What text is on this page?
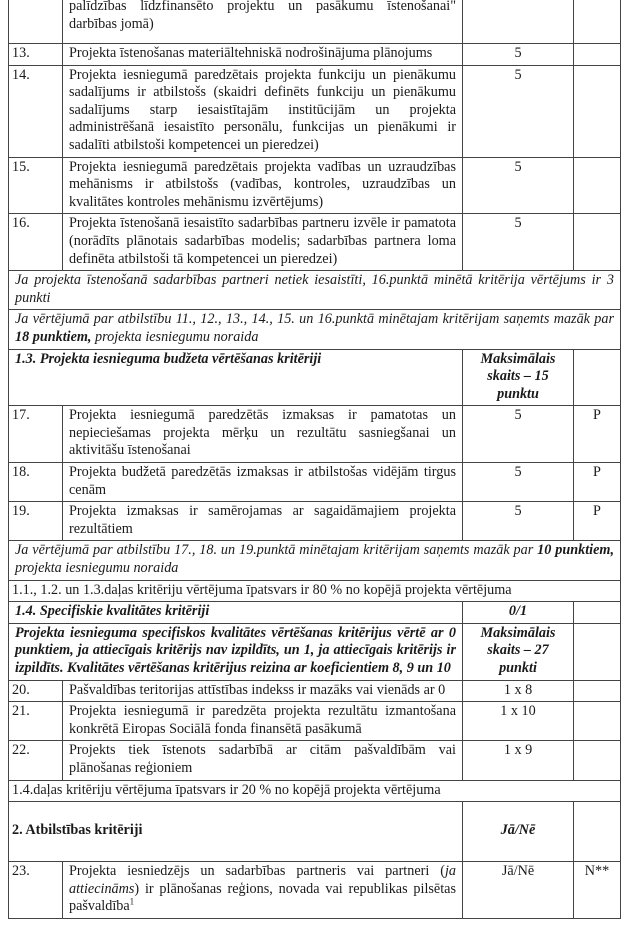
	palīdzības līdzfinansēto projektu un pasākumu īstenošanai" darbības jomā)		
13.	Projekta īstenošanas materiāltehniskā nodrošinājuma plānojums	5	
14.	Projekta iesniegumā paredzētais projekta funkciju un pienākumu sadalījums ir atbilstošs (skaidri definēts funkciju un pienākumu sadalījums starp iesaistītajām institūcijām un projekta administrēšanā iesaistīto personālu, funkcijas un pienākumi ir sadalīti atbilstoši kompetencei un pieredzei)	5	
15.	Projekta iesniegumā paredzētais projekta vadības un uzraudzības mehānisms ir atbilstošs (vadības, kontroles, uzraudzības un kvalitātes kontroles mehānismu izvērtējums)	5	
16.	Projekta īstenošanā iesaistīto sadarbības partneru izvēle ir pamatota (norādīts plānotais sadarbības modelis; sadarbības partnera loma definēta atbilstoši tā kompetencei un pieredzei)	5	
Ja projekta īstenošanā sadarbības partneri netiek iesaistīti, 16.punktā minētā kritērija vērtējums ir 3 punkti			
Ja vērtējumā par atbilstību 11., 12., 13., 14., 15. un 16.punktā minētajam kritērijam saņemts mazāk par 18 punktiem, projekta iesniegumu noraida			
1.3. Projekta iesnieguma budžeta vērtēšanas kritēriji		Maksimālais skaits – 15 punktu	
17.	Projekta iesniegumā paredzētās izmaksas ir pamatotas un nepieciešamas projekta mērķu un rezultātu sasniegšanai un aktivitāšu īstenošanai	5	P
18.	Projekta budžetā paredzētās izmaksas ir atbilstošas vidējām tirgus cenām	5	P
19.	Projekta izmaksas ir samērojamas ar sagaidāmajiem projekta rezultātiem	5	P
Ja vērtējumā par atbilstību 17., 18. un 19.punktā minētajam kritērijam saņemts mazāk par 10 punktiem, projekta iesniegumu noraida			
1.1., 1.2. un 1.3.daļas kritēriju vērtējuma īpatsvars ir 80 % no kopējā projekta vērtējuma			
1.4. Specifiskie kvalitātes kritēriji		0/1	
Projekta iesnieguma specifiskos kvalitātes vērtēšanas kritērijus vērtē ar 0 punktiem, ja attiecīgais kritērijs nav izpildīts, un 1, ja attiecīgais kritērijs ir izpildīts. Kvalitātes vērtēšanas kritērijus reizina ar koeficientiem 8, 9 un 10		Maksimālais skaits – 27 punkti	
20.	Pašvaldības teritorijas attīstības indekss ir mazāks vai vienāds ar 0	1 x 8	
21.	Projekta iesniegumā ir paredzēta projekta rezultātu izmantošana konkrētā Eiropas Sociālā fonda finansētā pasākumā	1 x 10	
22.	Projekts tiek īstenots sadarbībā ar citām pašvaldībām vai plānošanas reģioniem	1 x 9	
1.4.daļas kritēriju vērtējuma īpatsvars ir 20 % no kopējā projekta vērtējuma			
2. Atbilstības kritēriji		Jā/Nē	
23.	Projekta iesniedzējs un sadarbības partneris vai partneri (ja attiecināms) ir plānošanas reģions, novada vai republikas pilsētas pašvaldība$^1$	Jā/Nē	N**
